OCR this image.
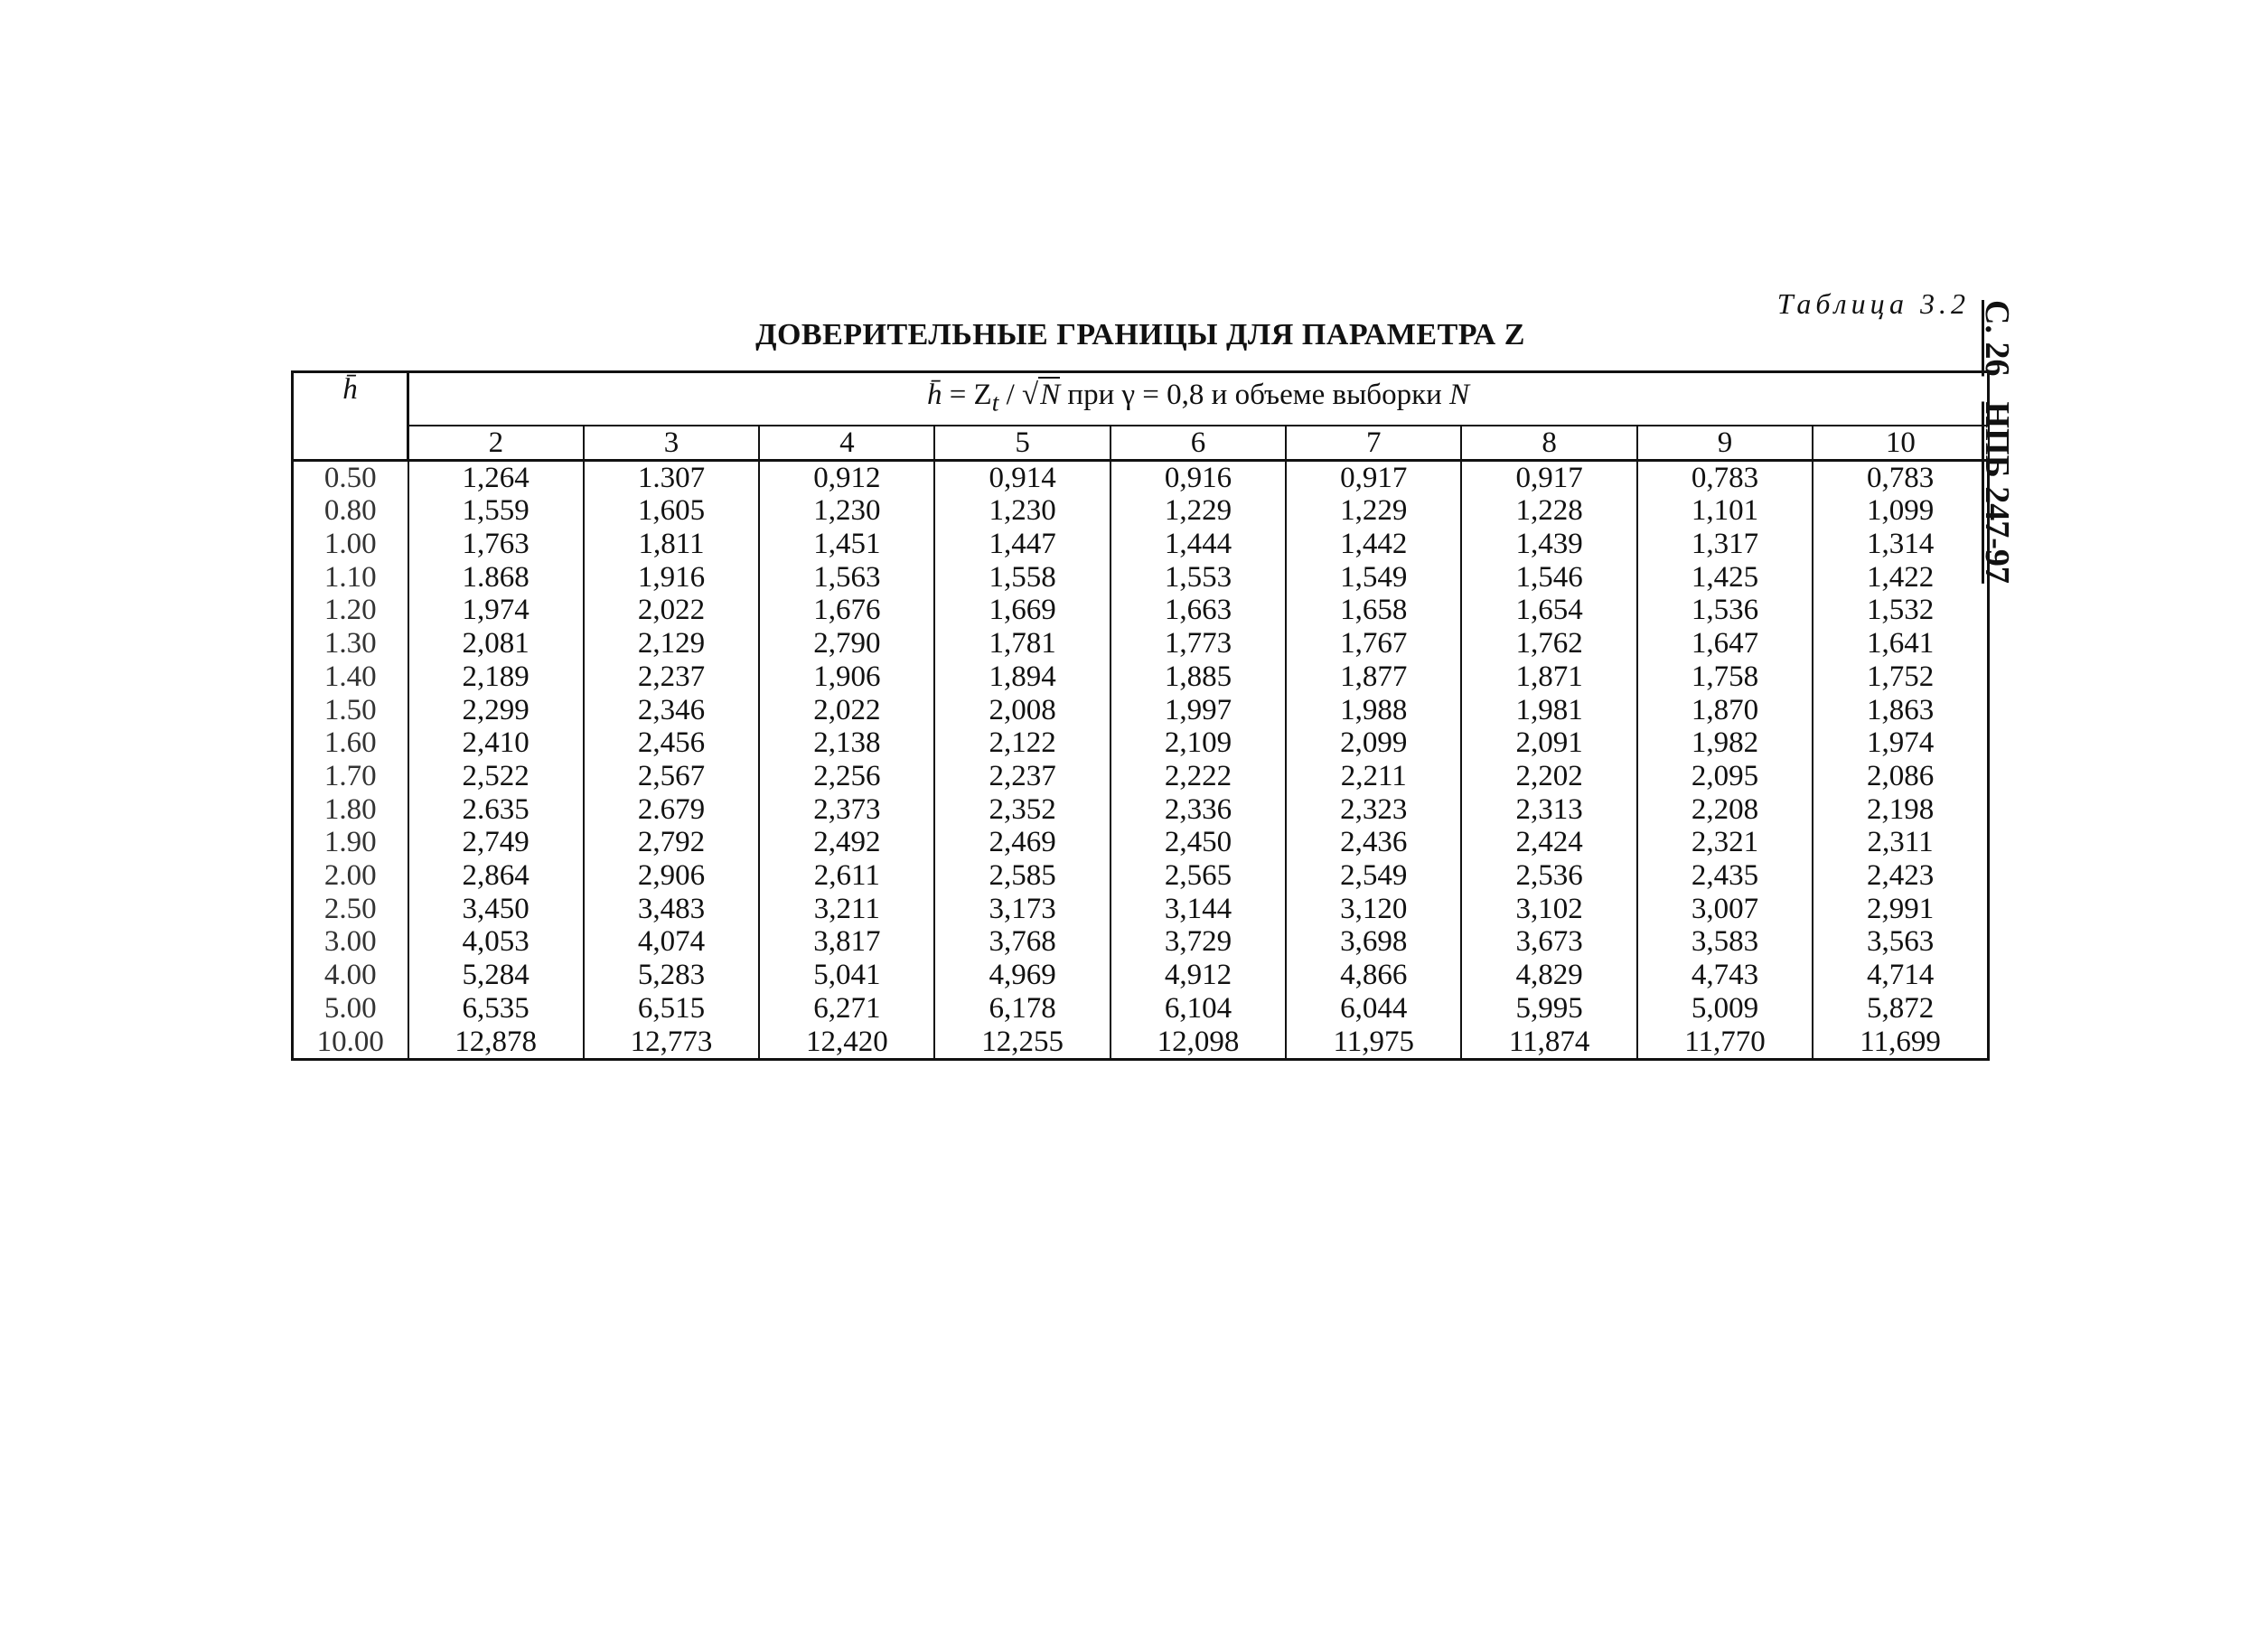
Таблица 3.2
ДОВЕРИТЕЛЬНЫЕ ГРАНИЦЫ ДЛЯ ПАРАМЕТРА Z	С. 26НПБ 247-97
h̄	h̄ = $Z_t / √N$ при γ = 0,8 и объеме выборки N								
	2	3	4	5	6	7	8	9	10
0.50	1,264	1.307	0,912	0,914	0,916	0,917	0,917	0,783	0,783
0.80	1,559	1,605	1,230	1,230	1,229	1,229	1,228	1,101	1,099
1.00	1,763	1,811	1,451	1,447	1,444	1,442	1,439	1,317	1,314
1.10	1.868	1,916	1,563	1,558	1,553	1,549	1,546	1,425	1,422
1.20	1,974	2,022	1,676	1,669	1,663	1,658	1,654	1,536	1,532
1.30	2,081	2,129	2,790	1,781	1,773	1,767	1,762	1,647	1,641
1.40	2,189	2,237	1,906	1,894	1,885	1,877	1,871	1,758	1,752
1.50	2,299	2,346	2,022	2,008	1,997	1,988	1,981	1,870	1,863
1.60	2,410	2,456	2,138	2,122	2,109	2,099	2,091	1,982	1,974
1.70	2,522	2,567	2,256	2,237	2,222	2,211	2,202	2,095	2,086
1.80	2.635	2.679	2,373	2,352	2,336	2,323	2,313	2,208	2,198
1.90	2,749	2,792	2,492	2,469	2,450	2,436	2,424	2,321	2,311
2.00	2,864	2,906	2,611	2,585	2,565	2,549	2,536	2,435	2,423
2.50	3,450	3,483	3,211	3,173	3,144	3,120	3,102	3,007	2,991
3.00	4,053	4,074	3,817	3,768	3,729	3,698	3,673	3,583	3,563
4.00	5,284	5,283	5,041	4,969	4,912	4,866	4,829	4,743	4,714
5.00	6,535	6,515	6,271	6,178	6,104	6,044	5,995	5,009	5,872
10.00	12,878	12,773	12,420	12,255	12,098	11,975	11,874	11,770	11,699
